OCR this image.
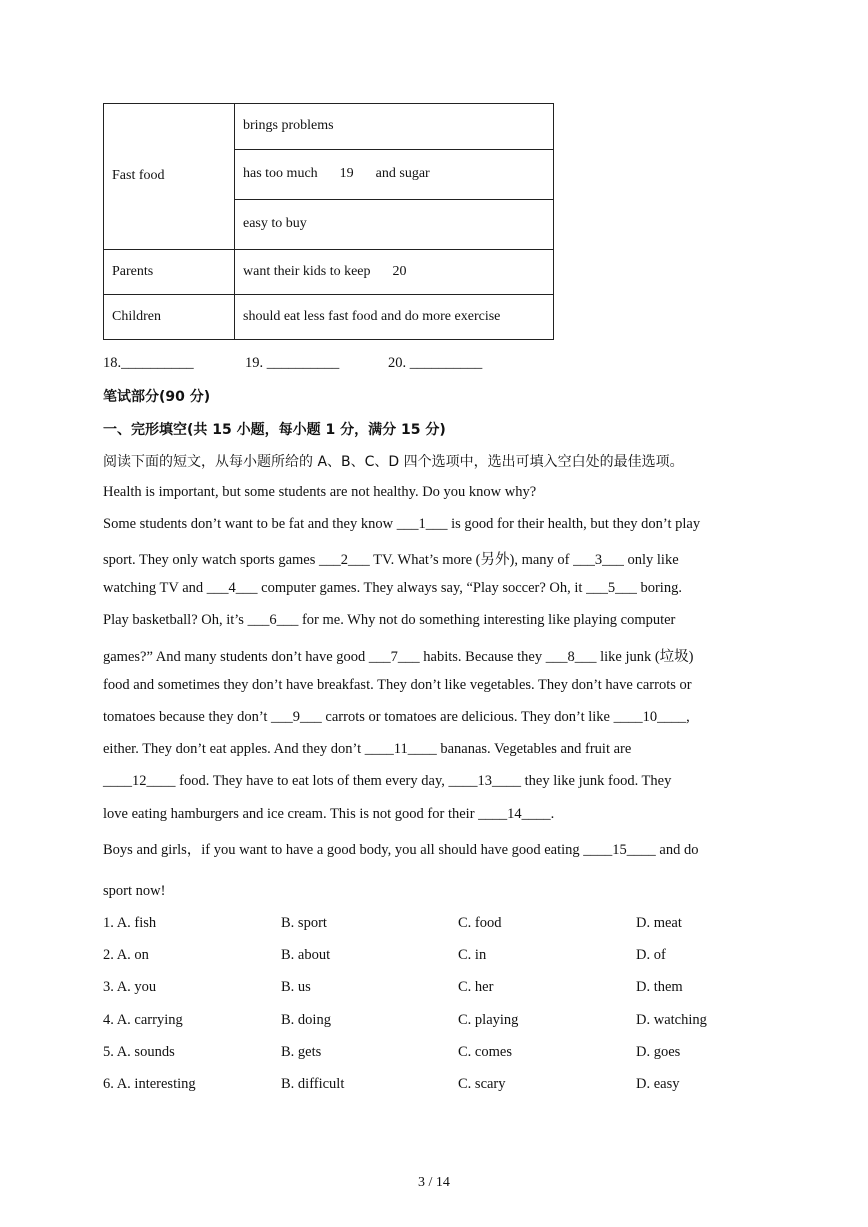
Fast food	brings problems
	has too much 19 and sugar
	easy to buy
Parents	want their kids to keep 20
Children	should eat less fast food and do more exercise
18.__________	19. __________	20. __________
笔试部分(90 分)
一、完形填空(共 15 小题，每小题 1 分，满分 15 分)
阅读下面的短文，从每小题所给的 A、B、C、D 四个选项中，选出可填入空白处的最佳选项。
Health is important, but some students are not healthy. Do you know why?
Some students don’t want to be fat and they know ___1___ is good for their health, but they don’t play
sport. They only watch sports games ___2___ TV. What’s more (另外), many of ___3___ only like
watching TV and ___4___ computer games. They always say, “Play soccer? Oh, it ___5___ boring.
Play basketball? Oh, it’s ___6___ for me. Why not do something interesting like playing computer
games?” And many students don’t have good ___7___ habits. Because they ___8___ like junk (垃圾)
food and sometimes they don’t have breakfast. They don’t like vegetables. They don’t have carrots or
tomatoes because they don’t ___9___ carrots or tomatoes are delicious. They don’t like ____10____,
either. They don’t eat apples. And they don’t ____11____ bananas. Vegetables and fruit are
____12____ food. They have to eat lots of them every day, ____13____ they like junk food. They
love eating hamburgers and ice cream. This is not good for their ____14____.
Boys and girls，if you want to have a good body, you all should have good eating ____15____ and do
sport now!
1. A. fish	B. sport	C. food	D. meat
2. A. on	B. about	C. in	D. of
3. A. you	B. us	C. her	D. them
4. A. carrying	B. doing	C. playing	D. watching
5. A. sounds	B. gets	C. comes	D. goes
6. A. interesting	B. difficult	C. scary	D. easy
3 / 14
